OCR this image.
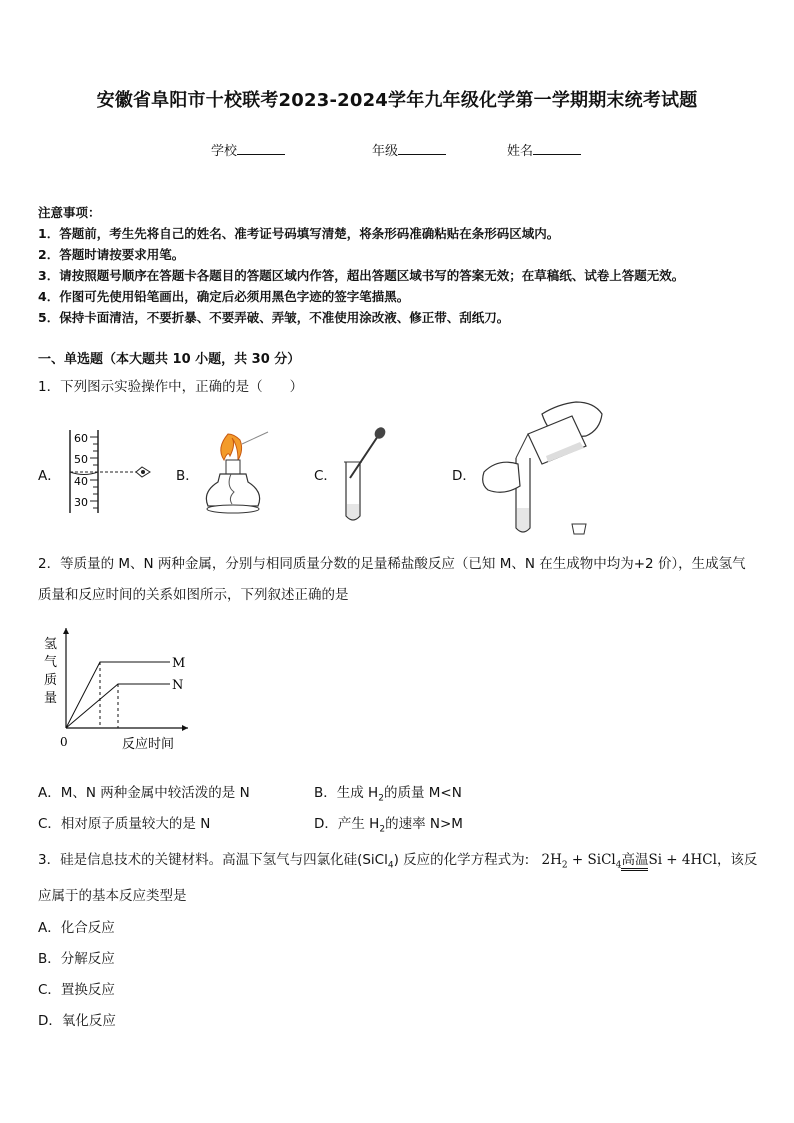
安徽省阜阳市十校联考2023-2024学年九年级化学第一学期期末统考试题
学校	年级	姓名
注意事项：
1．答题前，考生先将自己的姓名、准考证号码填写清楚，将条形码准确粘贴在条形码区域内。
2．答题时请按要求用笔。
3．请按照题号顺序在答题卡各题目的答题区域内作答，超出答题区域书写的答案无效；在草稿纸、试卷上答题无效。
4．作图可先使用铅笔画出，确定后必须用黑色字迹的签字笔描黑。
5．保持卡面清洁，不要折暴、不要弄破、弄皱，不准使用涂改液、修正带、刮纸刀。
一、单选题（本大题共 10 小题，共 30 分）
1．下列图示实验操作中，正确的是（　　）
A．
60
50
40
30
B．	C．	D．
2．等质量的 M、N 两种金属，分别与相同质量分数的足量稀盐酸反应（已知 M、N 在生成物中均为+2 价），生成氢气
质量和反应时间的关系如图所示，下列叙述正确的是
M
N
氢
气
质
量
0	反应时间
A．M、N 两种金属中较活泼的是 N	B．生成 $H_2$的质量 M<N
C．相对原子质量较大的是 N	D．产生 $H_2$的速率 N>M
3．硅是信息技术的关键材料。高温下氢气与四氯化硅(SiCl$_4$) 反应的化学方程式为: $2H_2$ + SiCl$_4$高温Si + 4HCl，该反
应属于的基本反应类型是
A．化合反应
B．分解反应
C．置换反应
D．氧化反应
